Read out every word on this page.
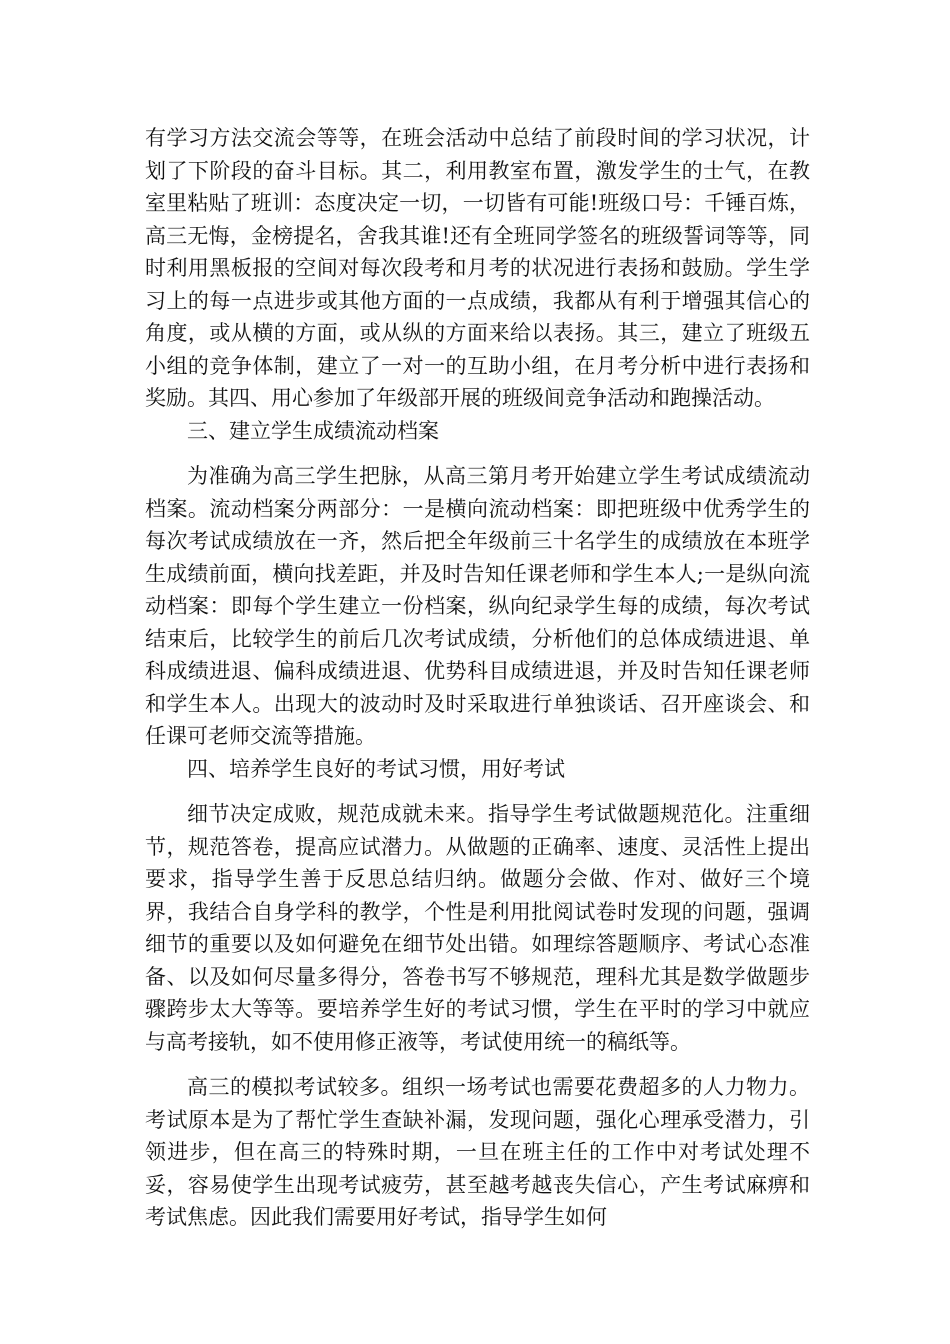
有学习方法交流会等等，在班会活动中总结了前段时间的学习状况，计划了下阶段的奋斗目标。其二，利用教室布置，激发学生的士气，在教室里粘贴了班训：态度决定一切，一切皆有可能!班级口号：千锤百炼，高三无悔，金榜提名，舍我其谁!还有全班同学签名的班级誓词等等，同时利用黑板报的空间对每次段考和月考的状况进行表扬和鼓励。学生学习上的每一点进步或其他方面的一点成绩，我都从有利于增强其信心的角度，或从横的方面，或从纵的方面来给以表扬。其三，建立了班级五小组的竞争体制，建立了一对一的互助小组，在月考分析中进行表扬和奖励。其四、用心参加了年级部开展的班级间竞争活动和跑操活动。

三、建立学生成绩流动档案

为准确为高三学生把脉，从高三第月考开始建立学生考试成绩流动档案。流动档案分两部分：一是横向流动档案：即把班级中优秀学生的每次考试成绩放在一齐，然后把全年级前三十名学生的成绩放在本班学生成绩前面，横向找差距，并及时告知任课老师和学生本人;一是纵向流动档案：即每个学生建立一份档案，纵向纪录学生每的成绩，每次考试结束后，比较学生的前后几次考试成绩，分析他们的总体成绩进退、单科成绩进退、偏科成绩进退、优势科目成绩进退，并及时告知任课老师和学生本人。出现大的波动时及时采取进行单独谈话、召开座谈会、和任课可老师交流等措施。

四、培养学生良好的考试习惯，用好考试

细节决定成败，规范成就未来。指导学生考试做题规范化。注重细节，规范答卷，提高应试潜力。从做题的正确率、速度、灵活性上提出要求，指导学生善于反思总结归纳。做题分会做、作对、做好三个境界，我结合自身学科的教学，个性是利用批阅试卷时发现的问题，强调细节的重要以及如何避免在细节处出错。如理综答题顺序、考试心态准备、以及如何尽量多得分，答卷书写不够规范，理科尤其是数学做题步骤跨步太大等等。要培养学生好的考试习惯，学生在平时的学习中就应与高考接轨，如不使用修正液等，考试使用统一的稿纸等。

高三的模拟考试较多。组织一场考试也需要花费超多的人力物力。考试原本是为了帮忙学生查缺补漏，发现问题，强化心理承受潜力，引领进步，但在高三的特殊时期，一旦在班主任的工作中对考试处理不妥，容易使学生出现考试疲劳，甚至越考越丧失信心，产生考试麻痹和考试焦虑。因此我们需要用好考试，指导学生如何
